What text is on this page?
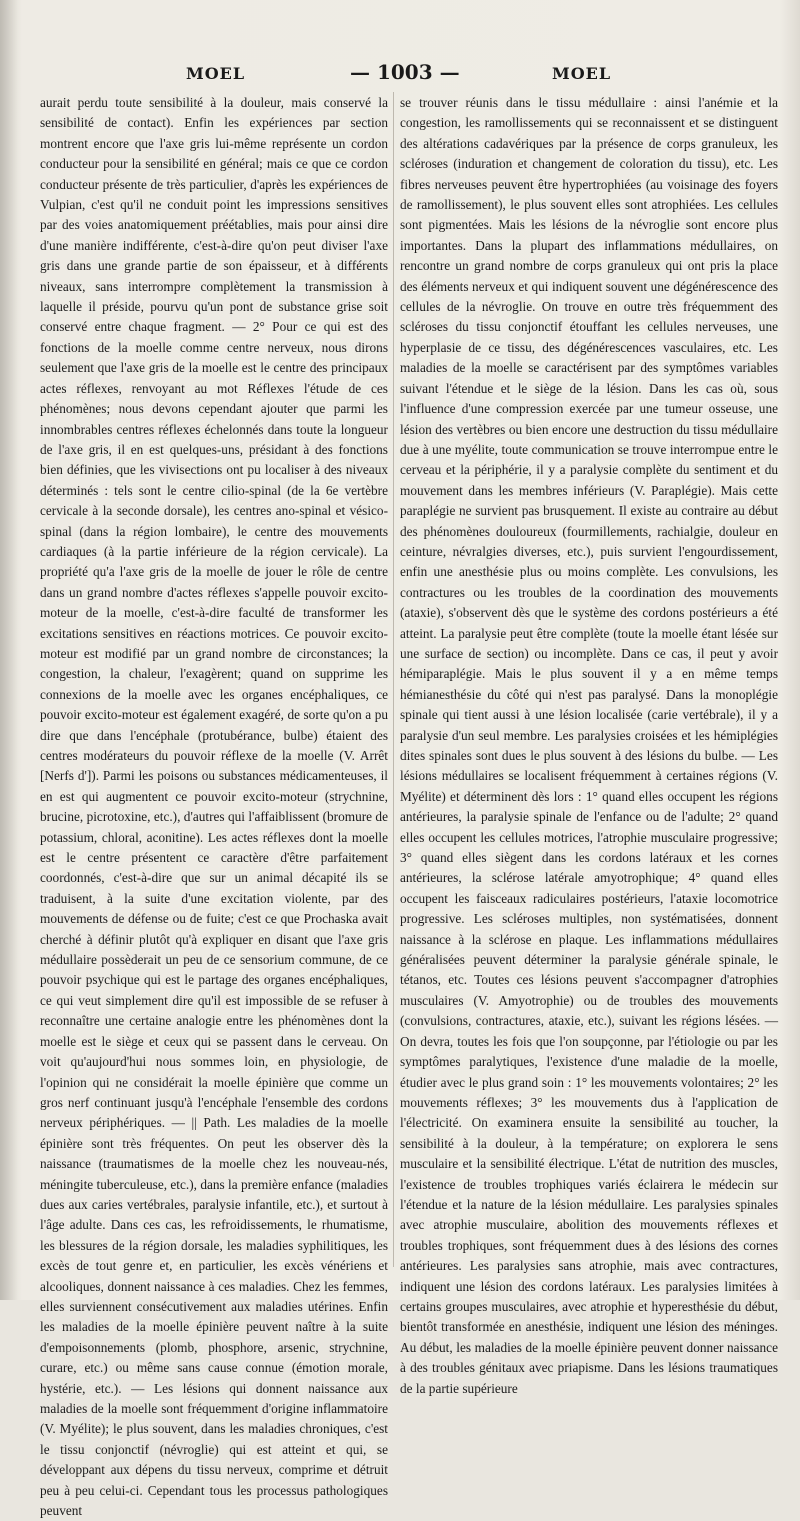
MOEL	— 1003 —	MOEL

aurait perdu toute sensibilité à la douleur, mais conservé la sensibilité de contact). Enfin les expériences par section montrent encore que l'axe gris lui-même représente un cordon conducteur pour la sensibilité en général; mais ce que ce cordon conducteur présente de très particulier, d'après les expériences de Vulpian, c'est qu'il ne conduit point les impressions sensitives par des voies anatomiquement préétablies, mais pour ainsi dire d'une manière indifférente, c'est-à-dire qu'on peut diviser l'axe gris dans une grande partie de son épaisseur, et à différents niveaux, sans interrompre complètement la transmission à laquelle il préside, pourvu qu'un pont de substance grise soit conservé entre chaque fragment. — 2° Pour ce qui est des fonctions de la moelle comme centre nerveux, nous dirons seulement que l'axe gris de la moelle est le centre des principaux actes réflexes, renvoyant au mot Réflexes l'étude de ces phénomènes; nous devons cependant ajouter que parmi les innombrables centres réflexes échelonnés dans toute la longueur de l'axe gris, il en est quelques-uns, présidant à des fonctions bien définies, que les vivisections ont pu localiser à des niveaux déterminés : tels sont le centre cilio-spinal (de la 6e vertèbre cervicale à la seconde dorsale), les centres ano-spinal et vésico-spinal (dans la région lombaire), le centre des mouvements cardiaques (à la partie inférieure de la région cervicale). La propriété qu'a l'axe gris de la moelle de jouer le rôle de centre dans un grand nombre d'actes réflexes s'appelle pouvoir excito-moteur de la moelle, c'est-à-dire faculté de transformer les excitations sensitives en réactions motrices. Ce pouvoir excito-moteur est modifié par un grand nombre de circonstances; la congestion, la chaleur, l'exagèrent; quand on supprime les connexions de la moelle avec les organes encéphaliques, ce pouvoir excito-moteur est également exagéré, de sorte qu'on a pu dire que dans l'encéphale (protubérance, bulbe) étaient des centres modérateurs du pouvoir réflexe de la moelle (V. Arrêt [Nerfs d']). Parmi les poisons ou substances médicamenteuses, il en est qui augmentent ce pouvoir excito-moteur (strychnine, brucine, picrotoxine, etc.), d'autres qui l'affaiblissent (bromure de potassium, chloral, aconitine). Les actes réflexes dont la moelle est le centre présentent ce caractère d'être parfaitement coordonnés, c'est-à-dire que sur un animal décapité ils se traduisent, à la suite d'une excitation violente, par des mouvements de défense ou de fuite; c'est ce que Prochaska avait cherché à définir plutôt qu'à expliquer en disant que l'axe gris médullaire possèderait un peu de ce sensorium commune, de ce pouvoir psychique qui est le partage des organes encéphaliques, ce qui veut simplement dire qu'il est impossible de se refuser à reconnaître une certaine analogie entre les phénomènes dont la moelle est le siège et ceux qui se passent dans le cerveau. On voit qu'aujourd'hui nous sommes loin, en physiologie, de l'opinion qui ne considérait la moelle épinière que comme un gros nerf continuant jusqu'à l'encéphale l'ensemble des cordons nerveux périphériques. — || Path. Les maladies de la moelle épinière sont très fréquentes. On peut les observer dès la naissance (traumatismes de la moelle chez les nouveau-nés, méningite tuberculeuse, etc.), dans la première enfance (maladies dues aux caries vertébrales, paralysie infantile, etc.), et surtout à l'âge adulte. Dans ces cas, les refroidissements, le rhumatisme, les blessures de la région dorsale, les maladies syphilitiques, les excès de tout genre et, en particulier, les excès vénériens et alcooliques, donnent naissance à ces maladies. Chez les femmes, elles surviennent consécutivement aux maladies utérines. Enfin les maladies de la moelle épinière peuvent naître à la suite d'empoisonnements (plomb, phosphore, arsenic, strychnine, curare, etc.) ou même sans cause connue (émotion morale, hystérie, etc.). — Les lésions qui donnent naissance aux maladies de la moelle sont fréquemment d'origine inflammatoire (V. Myélite); le plus souvent, dans les maladies chroniques, c'est le tissu conjonctif (névroglie) qui est atteint et qui, se développant aux dépens du tissu nerveux, comprime et détruit peu à peu celui-ci. Cependant tous les processus pathologiques peuvent

se trouver réunis dans le tissu médullaire : ainsi l'anémie et la congestion, les ramollissements qui se reconnaissent et se distinguent des altérations cadavériques par la présence de corps granuleux, les scléroses (induration et changement de coloration du tissu), etc. Les fibres nerveuses peuvent être hypertrophiées (au voisinage des foyers de ramollissement), le plus souvent elles sont atrophiées. Les cellules sont pigmentées. Mais les lésions de la névroglie sont encore plus importantes. Dans la plupart des inflammations médullaires, on rencontre un grand nombre de corps granuleux qui ont pris la place des éléments nerveux et qui indiquent souvent une dégénérescence des cellules de la névroglie. On trouve en outre très fréquemment des scléroses du tissu conjonctif étouffant les cellules nerveuses, une hyperplasie de ce tissu, des dégénérescences vasculaires, etc. Les maladies de la moelle se caractérisent par des symptômes variables suivant l'étendue et le siège de la lésion. Dans les cas où, sous l'influence d'une compression exercée par une tumeur osseuse, une lésion des vertèbres ou bien encore une destruction du tissu médullaire due à une myélite, toute communication se trouve interrompue entre le cerveau et la périphérie, il y a paralysie complète du sentiment et du mouvement dans les membres inférieurs (V. Paraplégie). Mais cette paraplégie ne survient pas brusquement. Il existe au contraire au début des phénomènes douloureux (fourmillements, rachialgie, douleur en ceinture, névralgies diverses, etc.), puis survient l'engourdissement, enfin une anesthésie plus ou moins complète. Les convulsions, les contractures ou les troubles de la coordination des mouvements (ataxie), s'observent dès que le système des cordons postérieurs a été atteint. La paralysie peut être complète (toute la moelle étant lésée sur une surface de section) ou incomplète. Dans ce cas, il peut y avoir hémiparaplégie. Mais le plus souvent il y a en même temps hémianesthésie du côté qui n'est pas paralysé. Dans la monoplégie spinale qui tient aussi à une lésion localisée (carie vertébrale), il y a paralysie d'un seul membre. Les paralysies croisées et les hémiplégies dites spinales sont dues le plus souvent à des lésions du bulbe. — Les lésions médullaires se localisent fréquemment à certaines régions (V. Myélite) et déterminent dès lors : 1° quand elles occupent les régions antérieures, la paralysie spinale de l'enfance ou de l'adulte; 2° quand elles occupent les cellules motrices, l'atrophie musculaire progressive; 3° quand elles siègent dans les cordons latéraux et les cornes antérieures, la sclérose latérale amyotrophique; 4° quand elles occupent les faisceaux radiculaires postérieurs, l'ataxie locomotrice progressive. Les scléroses multiples, non systématisées, donnent naissance à la sclérose en plaque. Les inflammations médullaires généralisées peuvent déterminer la paralysie générale spinale, le tétanos, etc. Toutes ces lésions peuvent s'accompagner d'atrophies musculaires (V. Amyotrophie) ou de troubles des mouvements (convulsions, contractures, ataxie, etc.), suivant les régions lésées. — On devra, toutes les fois que l'on soupçonne, par l'étiologie ou par les symptômes paralytiques, l'existence d'une maladie de la moelle, étudier avec le plus grand soin : 1° les mouvements volontaires; 2° les mouvements réflexes; 3° les mouvements dus à l'application de l'électricité. On examinera ensuite la sensibilité au toucher, la sensibilité à la douleur, à la température; on explorera le sens musculaire et la sensibilité électrique. L'état de nutrition des muscles, l'existence de troubles trophiques variés éclairera le médecin sur l'étendue et la nature de la lésion médullaire. Les paralysies spinales avec atrophie musculaire, abolition des mouvements réflexes et troubles trophiques, sont fréquemment dues à des lésions des cornes antérieures. Les paralysies sans atrophie, mais avec contractures, indiquent une lésion des cordons latéraux. Les paralysies limitées à certains groupes musculaires, avec atrophie et hyperesthésie du début, bientôt transformée en anesthésie, indiquent une lésion des méninges. Au début, les maladies de la moelle épinière peuvent donner naissance à des troubles génitaux avec priapisme. Dans les lésions traumatiques de la partie supérieure
